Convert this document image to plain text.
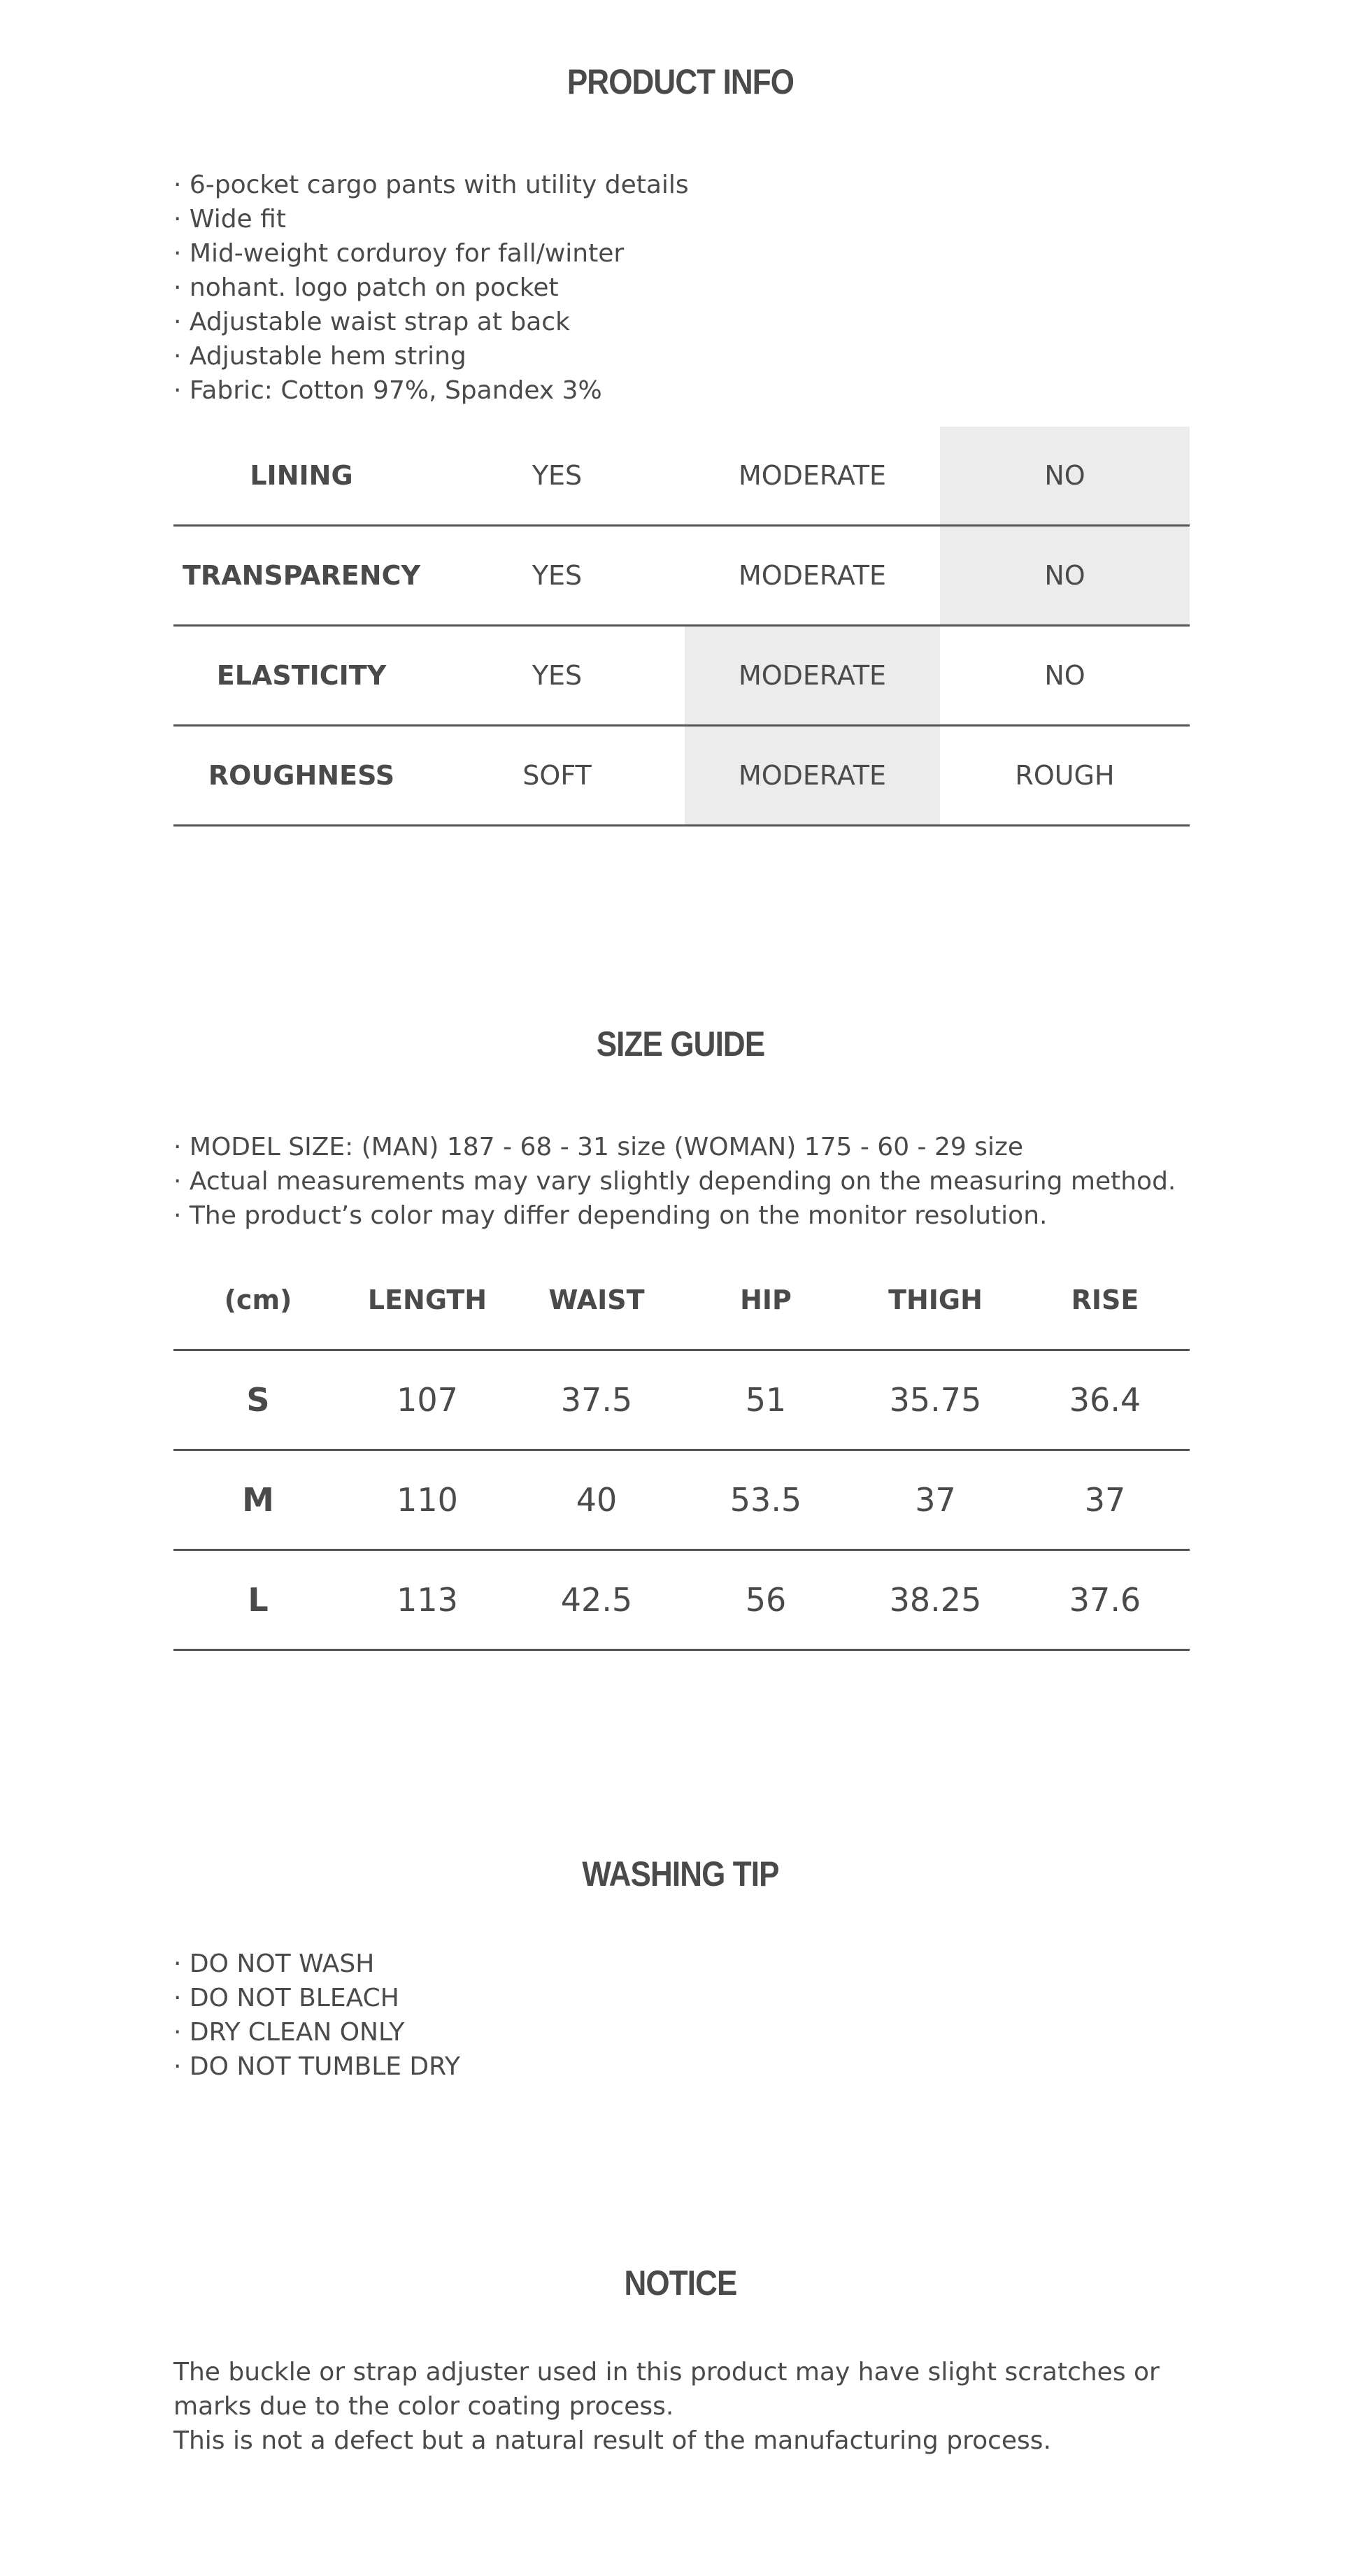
PRODUCT INFO
· 6-pocket cargo pants with utility details
· Wide fit
· Mid-weight corduroy for fall/winter
· nohant. logo patch on pocket
· Adjustable waist strap at back
· Adjustable hem string
· Fabric: Cotton 97%, Spandex 3%
LINING	YES	MODERATE	NO
TRANSPARENCY	YES	MODERATE	NO
ELASTICITY	YES	MODERATE	NO
ROUGHNESS	SOFT	MODERATE	ROUGH
SIZE GUIDE
· MODEL SIZE: (MAN) 187 - 68 - 31 size (WOMAN) 175 - 60 - 29 size
· Actual measurements may vary slightly depending on the measuring method.
· The product’s color may differ depending on the monitor resolution.
(cm)	LENGTH	WAIST	HIP	THIGH	RISE
S	107	37.5	51	35.75	36.4
M	110	40	53.5	37	37
L	113	42.5	56	38.25	37.6
WASHING TIP
· DO NOT WASH
· DO NOT BLEACH
· DRY CLEAN ONLY
· DO NOT TUMBLE DRY
NOTICE

The buckle or strap adjuster used in this product may have slight scratches or
marks due to the color coating process.
This is not a defect but a natural result of the manufacturing process.
